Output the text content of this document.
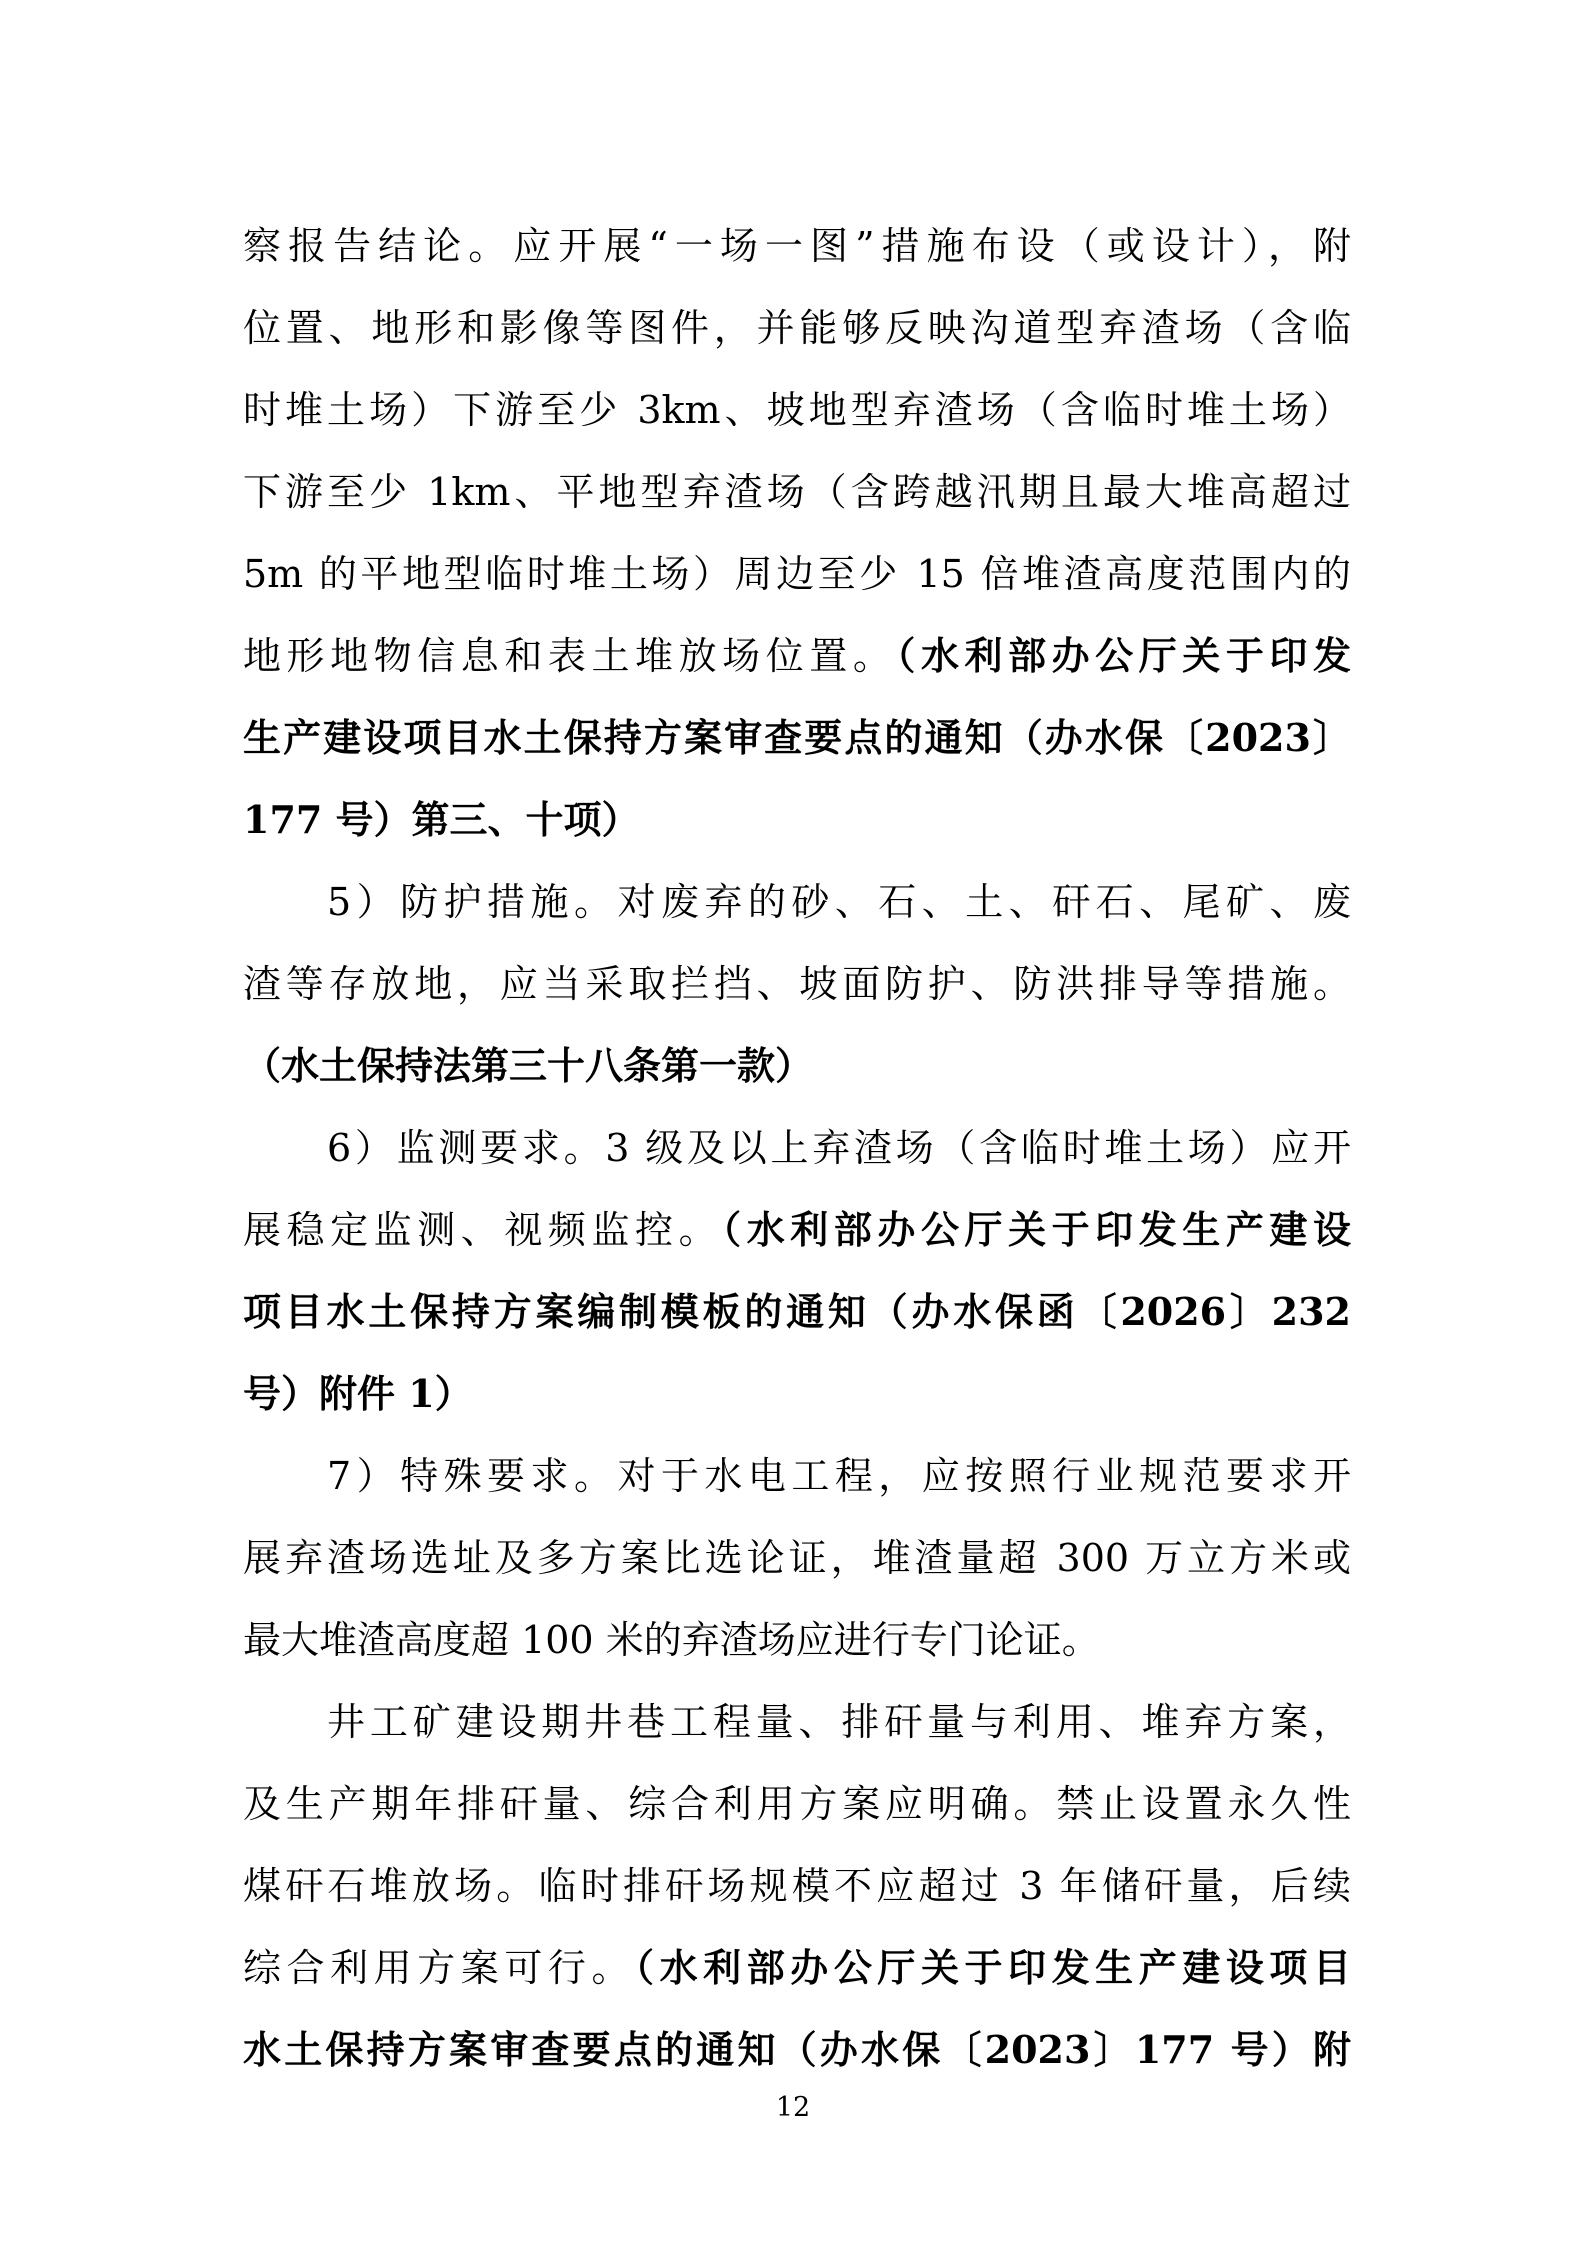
察报告结论。应开展“一场一图”措施布设（或设计），附
位置、地形和影像等图件，并能够反映沟道型弃渣场（含临
时堆土场）下游至少 3km、坡地型弃渣场（含临时堆土场）
下游至少 1km、平地型弃渣场（含跨越汛期且最大堆高超过
5m 的平地型临时堆土场）周边至少 15 倍堆渣高度范围内的
地形地物信息和表土堆放场位置。（水利部办公厅关于印发
生产建设项目水土保持方案审查要点的通知（办水保〔2023〕
177 号）第三、十项）
5）防护措施。对废弃的砂、石、土、矸石、尾矿、废
渣等存放地，应当采取拦挡、坡面防护、防洪排导等措施。
（水土保持法第三十八条第一款）
6）监测要求。3 级及以上弃渣场（含临时堆土场）应开
展稳定监测、视频监控。（水利部办公厅关于印发生产建设
项目水土保持方案编制模板的通知（办水保函〔2026〕232
号）附件 1）
7）特殊要求。对于水电工程，应按照行业规范要求开
展弃渣场选址及多方案比选论证，堆渣量超 300 万立方米或
最大堆渣高度超 100 米的弃渣场应进行专门论证。
井工矿建设期井巷工程量、排矸量与利用、堆弃方案，
及生产期年排矸量、综合利用方案应明确。禁止设置永久性
煤矸石堆放场。临时排矸场规模不应超过 3 年储矸量，后续
综合利用方案可行。（水利部办公厅关于印发生产建设项目
水土保持方案审查要点的通知（办水保〔2023〕177 号）附
12
